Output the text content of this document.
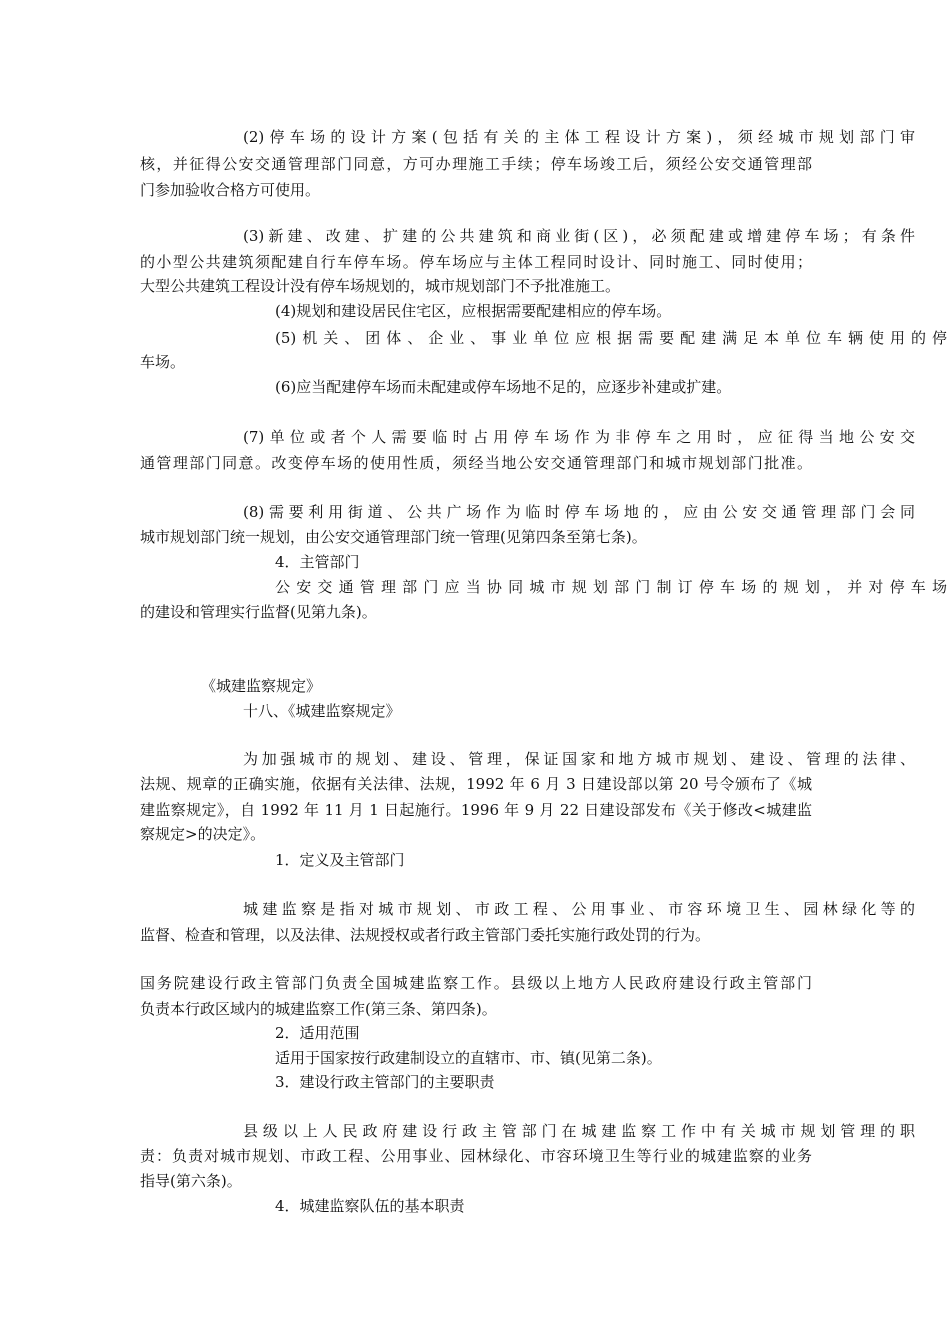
(2)停车场的设计方案(包括有关的主体工程设计方案)，须经城市规划部门审
核，并征得公安交通管理部门同意，方可办理施工手续；停车场竣工后，须经公安交通管理部
门参加验收合格方可使用。
(3)新建、改建、扩建的公共建筑和商业街(区)，必须配建或增建停车场；有条件
的小型公共建筑须配建自行车停车场。停车场应与主体工程同时设计、同时施工、同时使用；
大型公共建筑工程设计没有停车场规划的，城市规划部门不予批准施工。
(4)规划和建设居民住宅区，应根据需要配建相应的停车场。
(5)机关、团体、企业、事业单位应根据需要配建满足本单位车辆使用的停
车场。
(6)应当配建停车场而未配建或停车场地不足的，应逐步补建或扩建。
(7)单位或者个人需要临时占用停车场作为非停车之用时，应征得当地公安交
通管理部门同意。改变停车场的使用性质，须经当地公安交通管理部门和城市规划部门批准。
(8)需要利用街道、公共广场作为临时停车场地的，应由公安交通管理部门会同
城市规划部门统一规划，由公安交通管理部门统一管理(见第四条至第七条)。
4．主管部门
公安交通管理部门应当协同城市规划部门制订停车场的规划，并对停车场
的建设和管理实行监督(见第九条)。
《城建监察规定》
十八、《城建监察规定》
为加强城市的规划、建设、管理，保证国家和地方城市规划、建设、管理的法律、
法规、规章的正确实施，依据有关法律、法规，1992 年 6 月 3 日建设部以第 20 号令颁布了《城
建监察规定》，自 1992 年 11 月 1 日起施行。1996 年 9 月 22 日建设部发布《关于修改<城建监
察规定>的决定》。
1．定义及主管部门
城建监察是指对城市规划、市政工程、公用事业、市容环境卫生、园林绿化等的
监督、检查和管理，以及法律、法规授权或者行政主管部门委托实施行政处罚的行为。
国务院建设行政主管部门负责全国城建监察工作。县级以上地方人民政府建设行政主管部门
负责本行政区域内的城建监察工作(第三条、第四条)。
2．适用范围
适用于国家按行政建制设立的直辖市、市、镇(见第二条)。
3．建设行政主管部门的主要职责
县级以上人民政府建设行政主管部门在城建监察工作中有关城市规划管理的职
责：负责对城市规划、市政工程、公用事业、园林绿化、市容环境卫生等行业的城建监察的业务
指导(第六条)。
4．城建监察队伍的基本职责
